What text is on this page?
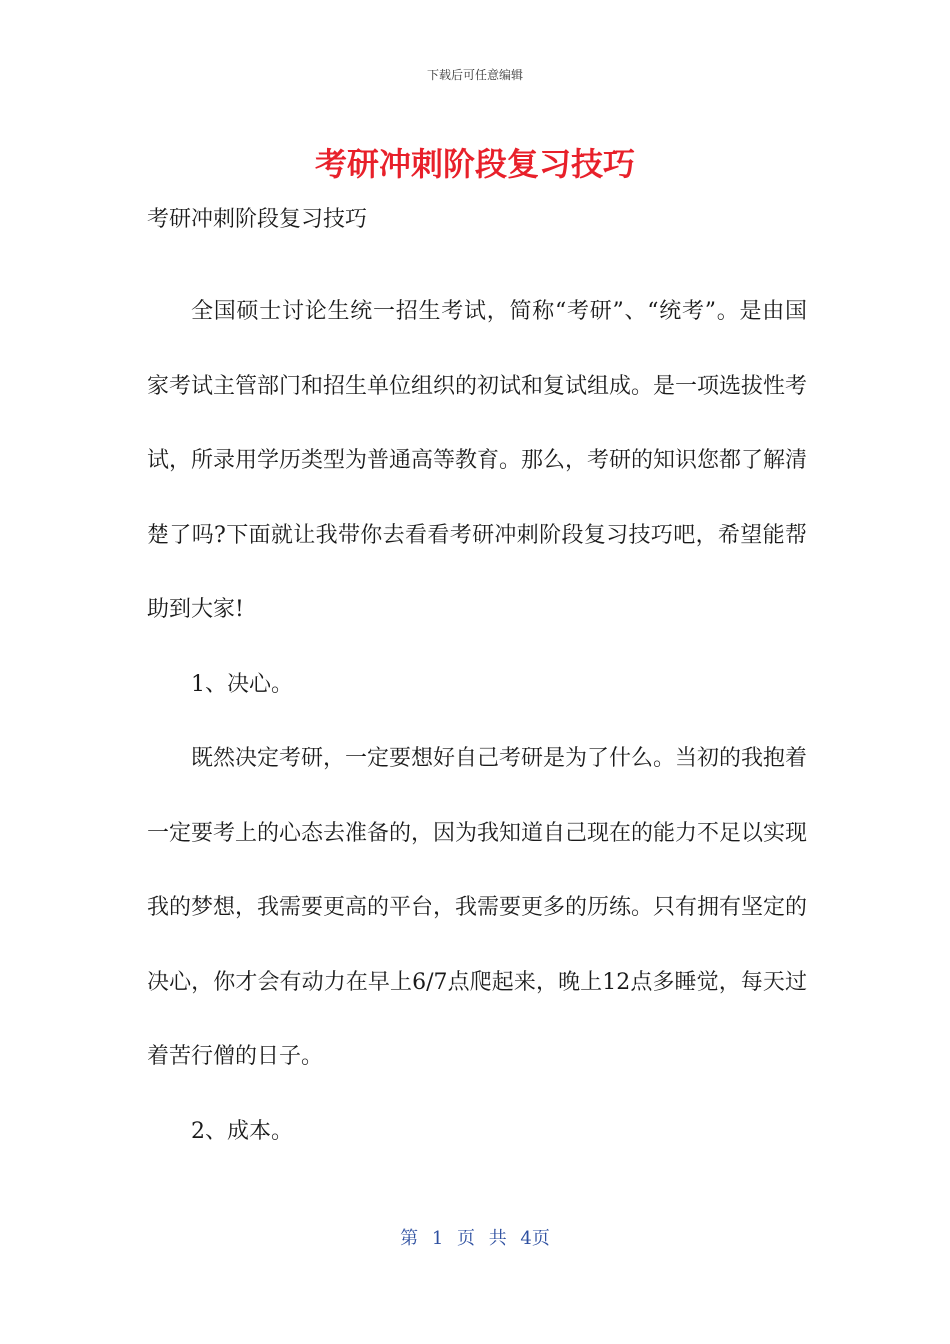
下载后可任意编辑
考研冲刺阶段复习技巧
考研冲刺阶段复习技巧

全国硕士讨论生统一招生考试，简称“考研”、“统考”。是由国家考试主管部门和招生单位组织的初试和复试组成。是一项选拔性考试，所录用学历类型为普通高等教育。那么，考研的知识您都了解清楚了吗?下面就让我带你去看看考研冲刺阶段复习技巧吧，希望能帮助到大家!

1、决心。

既然决定考研，一定要想好自己考研是为了什么。当初的我抱着一定要考上的心态去准备的，因为我知道自己现在的能力不足以实现我的梦想，我需要更高的平台，我需要更多的历练。只有拥有坚定的决心，你才会有动力在早上6/7点爬起来，晚上12点多睡觉，每天过着苦行僧的日子。

2、成本。

第 1 页 共 4页
